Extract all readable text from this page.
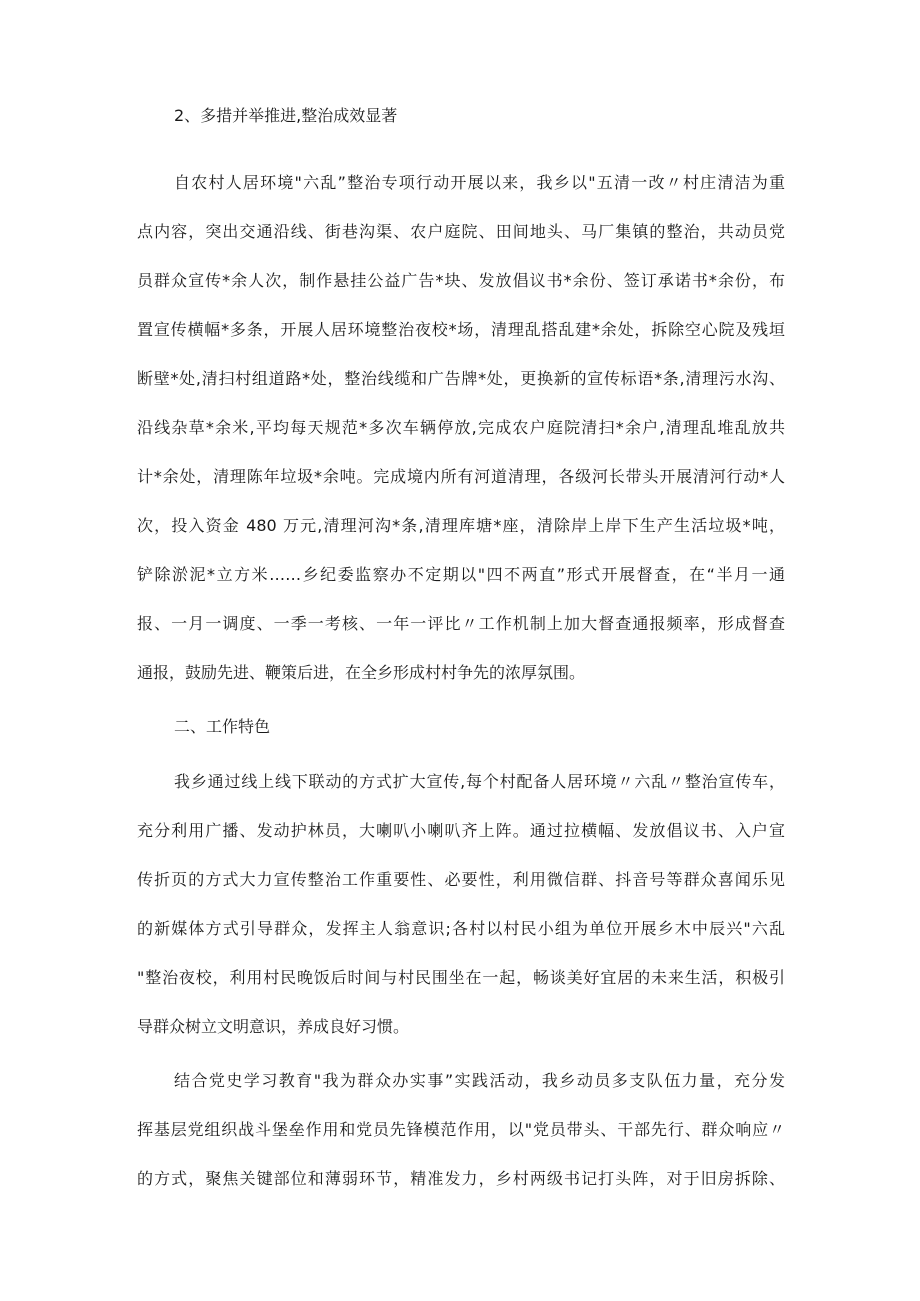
2、多措并举推进,整治成效显著
自农村人居环境"六乱”整治专项行动开展以来，我乡以"五清一改〃村庄清洁为重
点内容，突出交通沿线、街巷沟渠、农户庭院、田间地头、马厂集镇的整治，共动员党
员群众宣传*余人次，制作悬挂公益广告*块、发放倡议书*余份、签订承诺书*余份，布
置宣传横幅*多条，开展人居环境整治夜校*场，清理乱搭乱建*余处，拆除空心院及残垣
断壁*处,清扫村组道路*处，整治线缆和广告牌*处，更换新的宣传标语*条,清理污水沟、
沿线杂草*余米,平均每天规范*多次车辆停放,完成农户庭院清扫*余户,清理乱堆乱放共
计*余处，清理陈年垃圾*余吨。完成境内所有河道清理，各级河长带头开展清河行动*人
次，投入资金 480 万元,清理河沟*条,清理库塘*座，清除岸上岸下生产生活垃圾*吨，
铲除淤泥*立方米……乡纪委监察办不定期以"四不两直”形式开展督查，在“半月一通
报、一月一调度、一季一考核、一年一评比〃工作机制上加大督查通报频率，形成督查
通报，鼓励先进、鞭策后进，在全乡形成村村争先的浓厚氛围。
二、工作特色
我乡通过线上线下联动的方式扩大宣传,每个村配备人居环境〃六乱〃整治宣传车，
充分利用广播、发动护林员，大喇叭小喇叭齐上阵。通过拉横幅、发放倡议书、入户宣
传折页的方式大力宣传整治工作重要性、必要性，利用微信群、抖音号等群众喜闻乐见
的新媒体方式引导群众，发挥主人翁意识;各村以村民小组为单位开展乡木中辰兴"六乱
"整治夜校，利用村民晚饭后时间与村民围坐在一起，畅谈美好宜居的未来生活，积极引
导群众树立文明意识，养成良好习惯。
结合党史学习教育"我为群众办实事”实践活动，我乡动员多支队伍力量，充分发
挥基层党组织战斗堡垒作用和党员先锋模范作用，以"党员带头、干部先行、群众响应〃
的方式，聚焦关键部位和薄弱环节，精准发力，乡村两级书记打头阵，对于旧房拆除、
